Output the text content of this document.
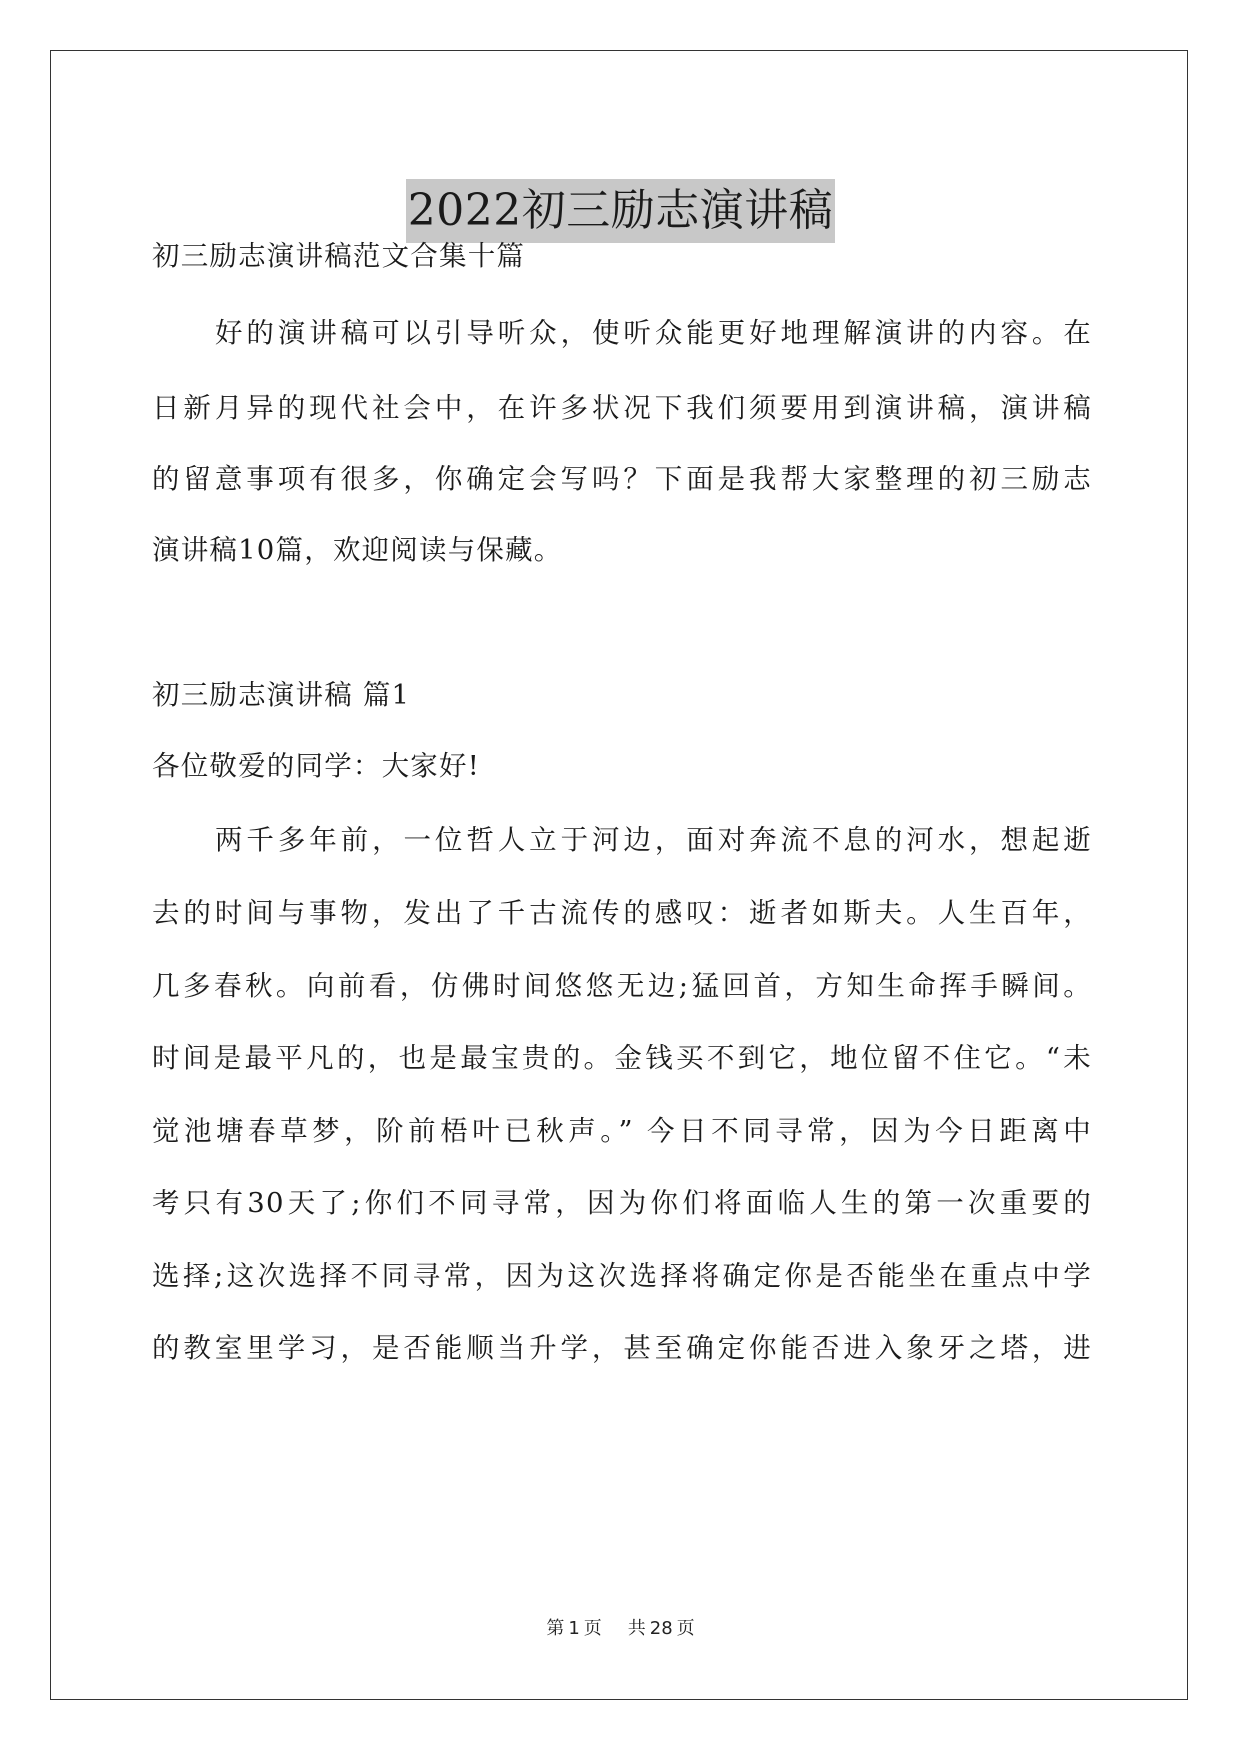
2022初三励志演讲稿
初三励志演讲稿范文合集十篇
好的演讲稿可以引导听众，使听众能更好地理解演讲的内容。在
日新月异的现代社会中，在许多状况下我们须要用到演讲稿，演讲稿
的留意事项有很多，你确定会写吗？下面是我帮大家整理的初三励志
演讲稿10篇，欢迎阅读与保藏。
初三励志演讲稿 篇1
各位敬爱的同学：大家好!
两千多年前，一位哲人立于河边，面对奔流不息的河水，想起逝
去的时间与事物，发出了千古流传的感叹：逝者如斯夫。人生百年，
几多春秋。向前看，仿佛时间悠悠无边;猛回首，方知生命挥手瞬间。
时间是最平凡的，也是最宝贵的。金钱买不到它，地位留不住它。“未
觉池塘春草梦，阶前梧叶已秋声。” 今日不同寻常，因为今日距离中
考只有30天了;你们不同寻常，因为你们将面临人生的第一次重要的
选择;这次选择不同寻常，因为这次选择将确定你是否能坐在重点中学
的教室里学习，是否能顺当升学，甚至确定你能否进入象牙之塔，进
第 1 页 共 28 页
